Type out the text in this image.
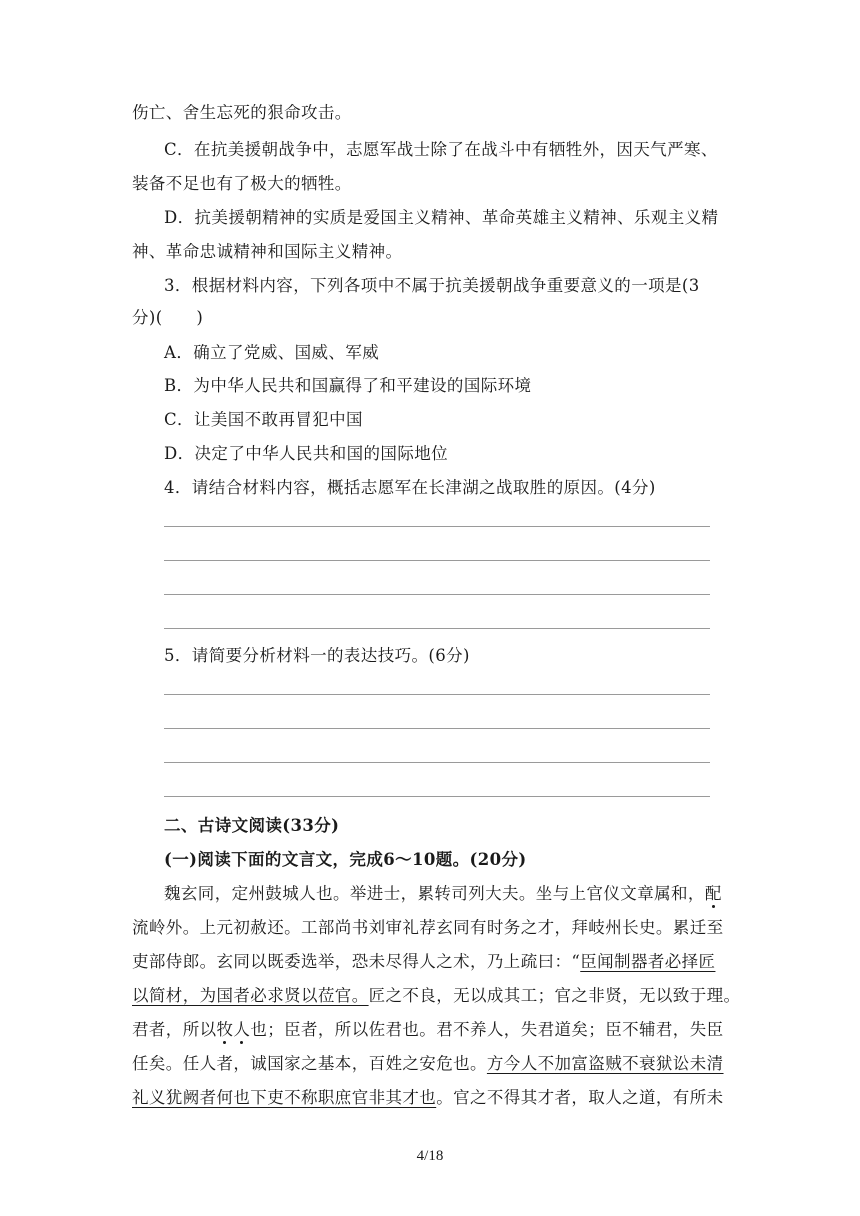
伤亡、舍生忘死的狠命攻击。
C．在抗美援朝战争中，志愿军战士除了在战斗中有牺牲外，因天气严寒、
装备不足也有了极大的牺牲。
D．抗美援朝精神的实质是爱国主义精神、革命英雄主义精神、乐观主义精
神、革命忠诚精神和国际主义精神。
3．根据材料内容，下列各项中不属于抗美援朝战争重要意义的一项是(3
分)(　　)
A．确立了党威、国威、军威
B．为中华人民共和国赢得了和平建设的国际环境
C．让美国不敢再冒犯中国
D．决定了中华人民共和国的国际地位
4．请结合材料内容，概括志愿军在长津湖之战取胜的原因。(4分)
5．请简要分析材料一的表达技巧。(6分)
二、古诗文阅读(33分)
(一)阅读下面的文言文，完成6～10题。(20分)
魏玄同，定州鼓城人也。举进士，累转司列大夫。坐与上官仪文章属和，配
流岭外。上元初赦还。工部尚书刘审礼荐玄同有时务之才，拜岐州长史。累迁至
吏部侍郎。玄同以既委选举，恐未尽得人之术，乃上疏曰：“臣闻制器者必择匠
以简材，为国者必求贤以莅官。匠之不良，无以成其工；官之非贤，无以致于理。
君者，所以牧人也；臣者，所以佐君也。君不养人，失君道矣；臣不辅君，失臣
任矣。任人者，诚国家之基本，百姓之安危也。方今人不加富盗贼不衰狱讼未清
礼义犹阙者何也下吏不称职庶官非其才也。官之不得其才者，取人之道，有所未
4/18
